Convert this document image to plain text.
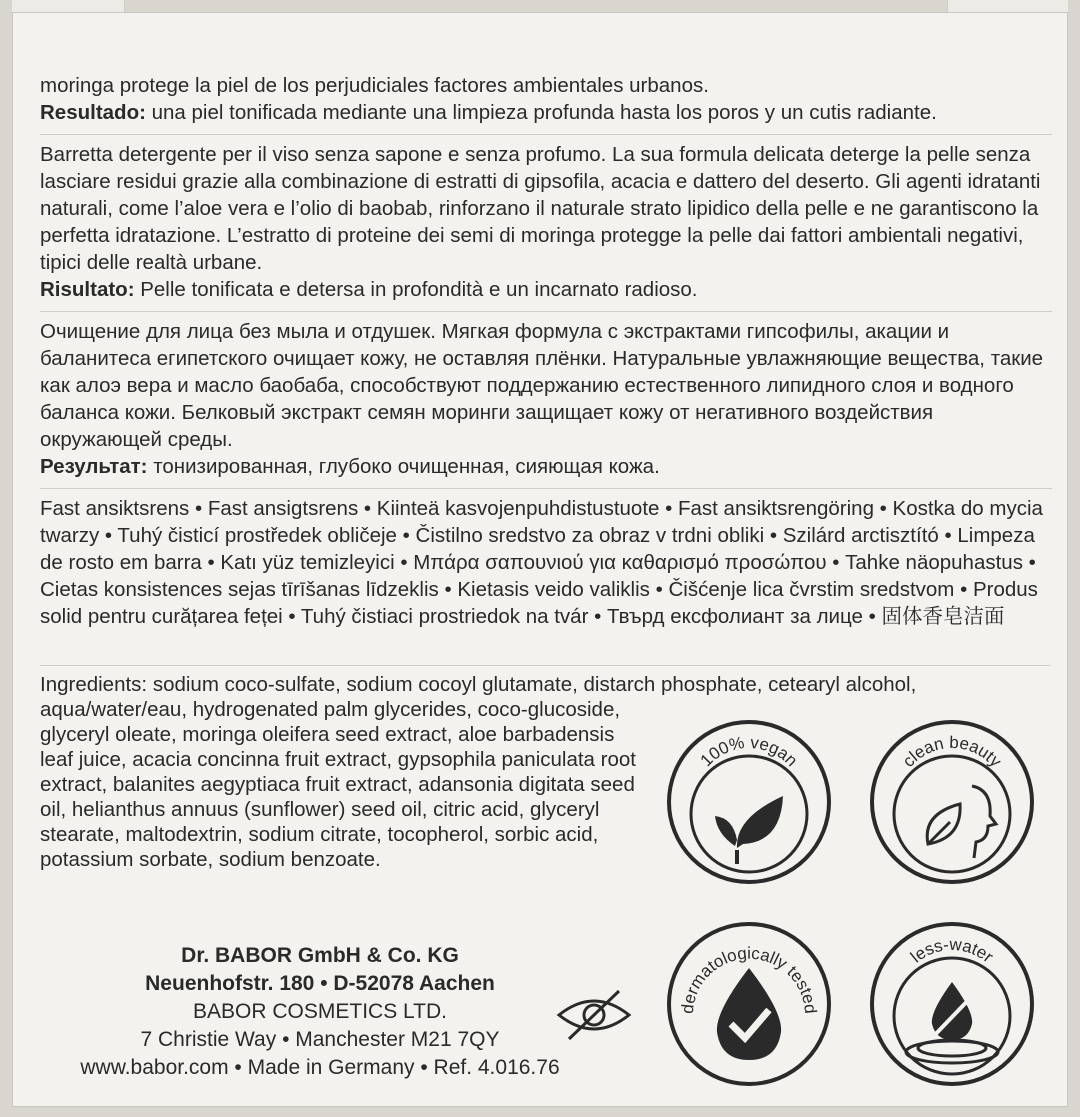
moringa protege la piel de los perjudiciales factores ambientales urbanos.

Resultado: una piel tonificada mediante una limpieza profunda hasta los poros y un cutis radiante.

Barretta detergente per il viso senza sapone e senza profumo. La sua formula delicata deterge la pelle senza lasciare residui grazie alla combinazione di estratti di gipsofila, acacia e dattero del deserto. Gli agenti idratanti naturali, come l’aloe vera e l’olio di baobab, rinforzano il naturale strato lipidico della pelle e ne garantiscono la perfetta idratazione. L’estratto di proteine dei semi di moringa protegge la pelle dai fattori ambientali negativi, tipici delle realtà urbane.

Risultato: Pelle tonificata e detersa in profondità e un incarnato radioso.

Очищение для лица без мыла и отдушек. Мягкая формула с экстрактами гипсофилы, акации и баланитеса египетского очищает кожу, не оставляя плёнки. Натуральные увлажняющие вещества, такие как алоэ вера и масло баобаба, способствуют поддержанию естественного липидного слоя и водного баланса кожи. Белковый экстракт семян моринги защищает кожу от негативного воздействия окружающей среды.

Результат: тонизированная, глубоко очищенная, сияющая кожа.

Fast ansiktsrens • Fast ansigtsrens • Kiinteä kasvojenpuhdistustuote • Fast ansiktsrengöring • Kostka do mycia twarzy • Tuhý čisticí prostředek obličeje • Čistilno sredstvo za obraz v trdni obliki • Szilárd arctisztító • Limpeza de rosto em barra • Katı yüz temizleyici • Μπάρα σαπουνιού για καθαρισμό προσώπου • Tahke näopuhastus • Cietas konsistences sejas tīrīšanas līdzeklis • Kietasis veido valiklis • Čišćenje lica čvrstim sredstvom • Produs solid pentru curățarea feței • Tuhý čistiaci prostriedok na tvár • Твърд ексфолиант за лице • 固体香皂洁面

Ingredients: sodium coco-sulfate, sodium cocoyl glutamate, distarch phosphate, cetearyl alcohol,

aqua/water/eau, hydrogenated palm glycerides, coco-glucoside, glyceryl oleate, moringa oleifera seed extract, aloe barbadensis leaf juice, acacia concinna fruit extract, gypsophila paniculata root extract, balanites aegyptiaca fruit extract, adansonia digitata seed oil, helianthus annuus (sunflower) seed oil, citric acid, glyceryl stearate, maltodextrin, sodium citrate, tocopherol, sorbic acid, potassium sorbate, sodium benzoate.

Dr. BABOR GmbH & Co. KG
Neuenhofstr. 180 • D-52078 Aachen
BABOR COSMETICS LTD.
7 Christie Way • Manchester M21 7QY
www.babor.com • Made in Germany • Ref. 4.016.76
100% vegan	clean beauty
dermatologically tested
less-water
